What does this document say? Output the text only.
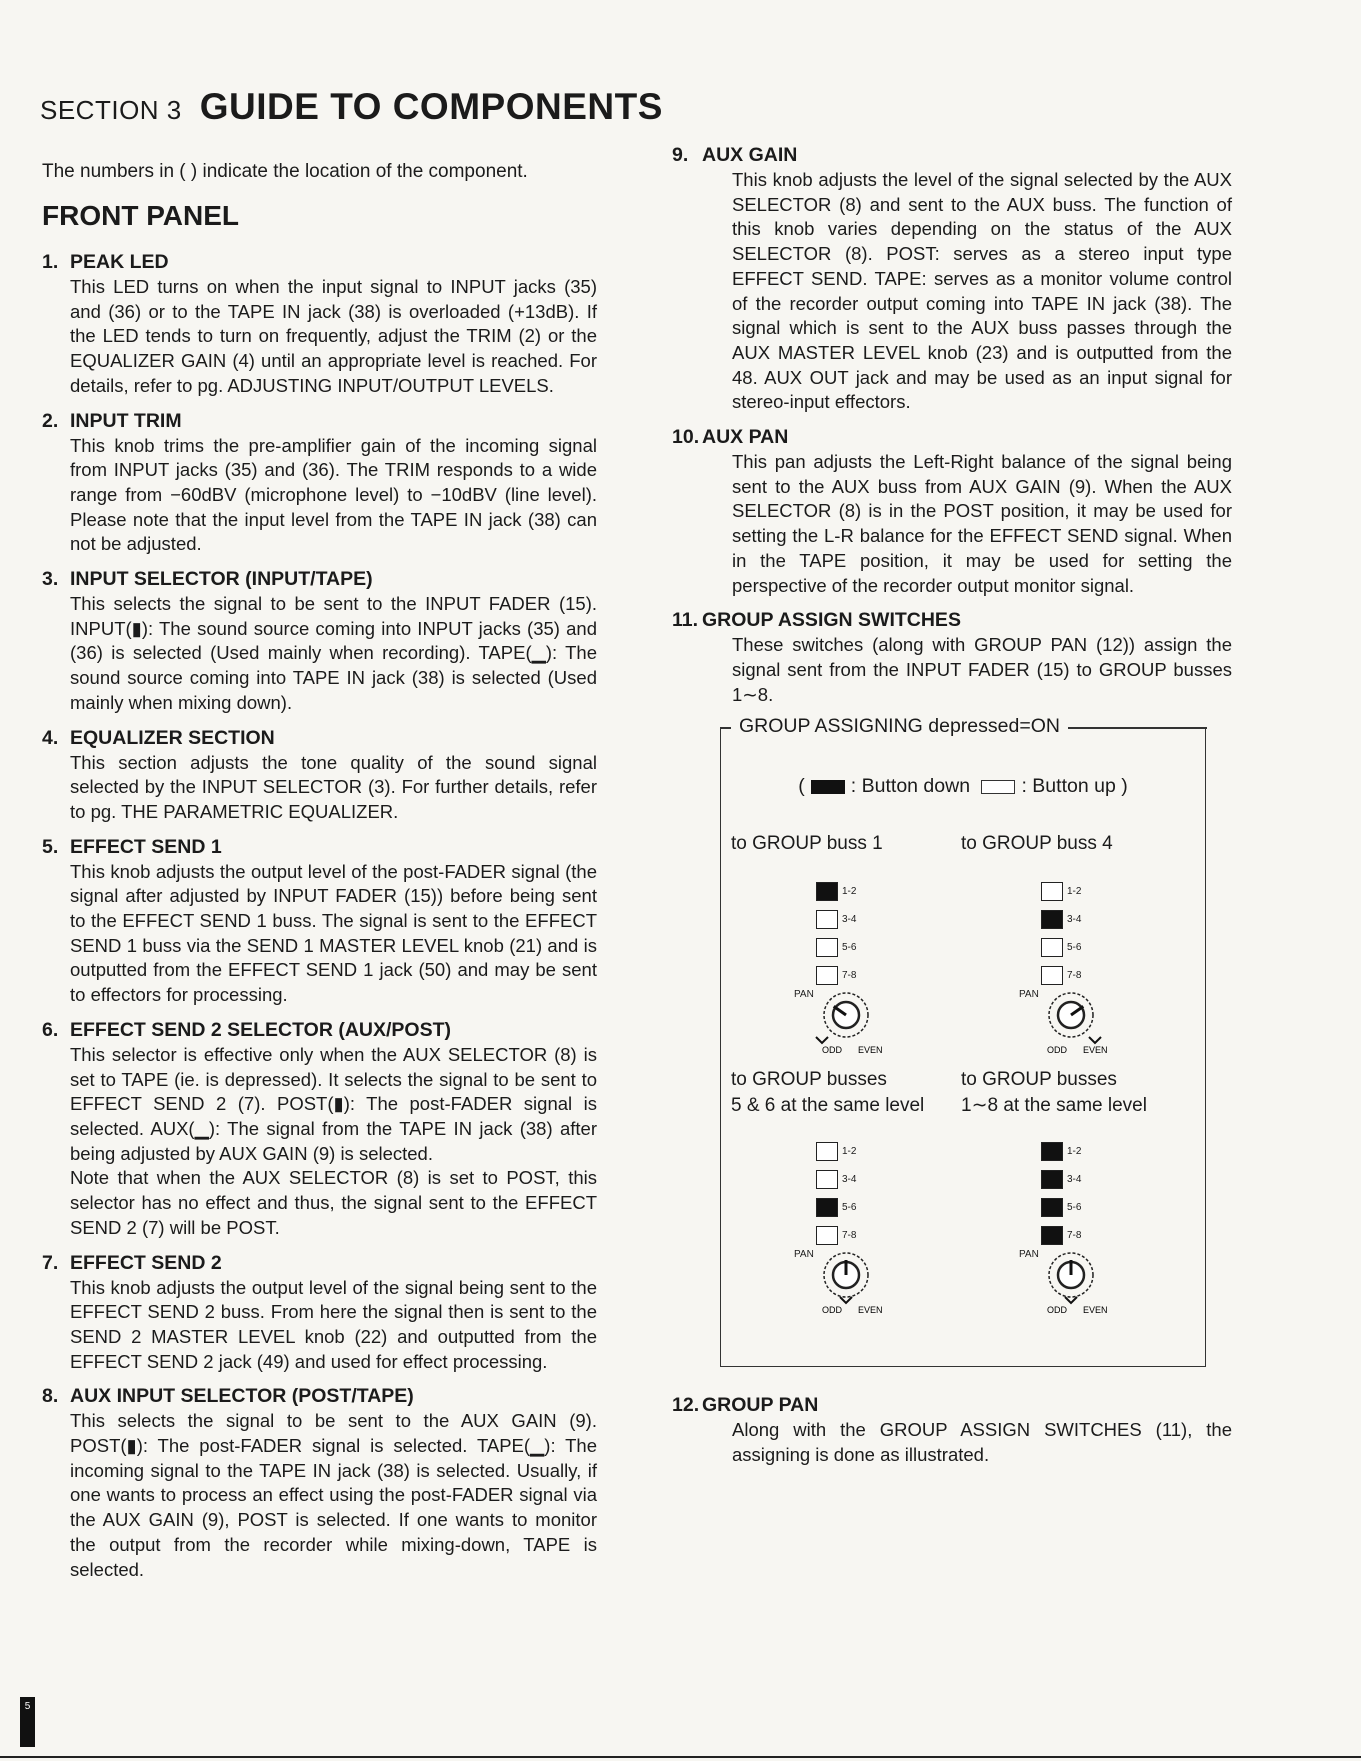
SECTION 3 GUIDE TO COMPONENTS

The numbers in ( ) indicate the location of the component.

FRONT PANEL
1. PEAK LED

This LED turns on when the input signal to INPUT jacks (35) and (36) or to the TAPE IN jack (38) is overloaded (+13dB). If the LED tends to turn on frequently, adjust the TRIM (2) or the EQUALIZER GAIN (4) until an appropriate level is reached. For details, refer to pg. ADJUSTING INPUT/OUTPUT LEVELS.

2. INPUT TRIM

This knob trims the pre-amplifier gain of the incoming signal from INPUT jacks (35) and (36). The TRIM responds to a wide range from −60dBV (microphone level) to −10dBV (line level). Please note that the input level from the TAPE IN jack (38) can not be adjusted.

3. INPUT SELECTOR (INPUT/TAPE)

This selects the signal to be sent to the INPUT FADER (15). INPUT(▮): The sound source coming into INPUT jacks (35) and (36) is selected (Used mainly when recording). TAPE(▁): The sound source coming into TAPE IN jack (38) is selected (Used mainly when mixing down).

4. EQUALIZER SECTION

This section adjusts the tone quality of the sound signal selected by the INPUT SELECTOR (3). For further details, refer to pg. THE PARAMETRIC EQUALIZER.

5. EFFECT SEND 1

This knob adjusts the output level of the post-FADER signal (the signal after adjusted by INPUT FADER (15)) before being sent to the EFFECT SEND 1 buss. The signal is sent to the EFFECT SEND 1 buss via the SEND 1 MASTER LEVEL knob (21) and is outputted from the EFFECT SEND 1 jack (50) and may be sent to effectors for processing.

6. EFFECT SEND 2 SELECTOR (AUX/POST)

This selector is effective only when the AUX SELECTOR (8) is set to TAPE (ie. is depressed). It selects the signal to be sent to EFFECT SEND 2 (7). POST(▮): The post-FADER signal is selected. AUX(▁): The signal from the TAPE IN jack (38) after being adjusted by AUX GAIN (9) is selected.

Note that when the AUX SELECTOR (8) is set to POST, this selector has no effect and thus, the signal sent to the EFFECT SEND 2 (7) will be POST.

7. EFFECT SEND 2

This knob adjusts the output level of the signal being sent to the EFFECT SEND 2 buss. From here the signal then is sent to the SEND 2 MASTER LEVEL knob (22) and outputted from the EFFECT SEND 2 jack (49) and used for effect processing.

8. AUX INPUT SELECTOR (POST/TAPE)

This selects the signal to be sent to the AUX GAIN (9). POST(▮): The post-FADER signal is selected. TAPE(▁): The incoming signal to the TAPE IN jack (38) is selected. Usually, if one wants to process an effect using the post-FADER signal via the AUX GAIN (9), POST is selected. If one wants to monitor the output from the recorder while mixing-down, TAPE is selected.

9. AUX GAIN

This knob adjusts the level of the signal selected by the AUX SELECTOR (8) and sent to the AUX buss. The function of this knob varies depending on the status of the AUX SELECTOR (8). POST: serves as a stereo input type EFFECT SEND. TAPE: serves as a monitor volume control of the recorder output coming into TAPE IN jack (38). The signal which is sent to the AUX buss passes through the AUX MASTER LEVEL knob (23) and is outputted from the 48. AUX OUT jack and may be used as an input signal for stereo-input effectors.

10. AUX PAN

This pan adjusts the Left-Right balance of the signal being sent to the AUX buss from AUX GAIN (9). When the AUX SELECTOR (8) is in the POST position, it may be used for setting the L-R balance for the EFFECT SEND signal. When in the TAPE position, it may be used for setting the perspective of the recorder output monitor signal.

11. GROUP ASSIGN SWITCHES

These switches (along with GROUP PAN (12)) assign the signal sent from the INPUT FADER (15) to GROUP busses 1∼8.

GROUP ASSIGNING depressed=ON
( : Button down	: Button up )
to GROUP buss 1
1-2
3-4
5-6
7-8
PAN
ODD EVEN
to GROUP buss 4
1-2
3-4
5-6
7-8
PAN
ODD EVEN
to GROUP busses
5 & 6 at the same level
1-2
3-4
5-6
7-8
PAN
ODD EVEN
to GROUP busses
1∼8 at the same level
1-2
3-4
5-6
7-8
PAN
ODD EVEN
12. GROUP PAN

Along with the GROUP ASSIGN SWITCHES (11), the assigning is done as illustrated.

5
